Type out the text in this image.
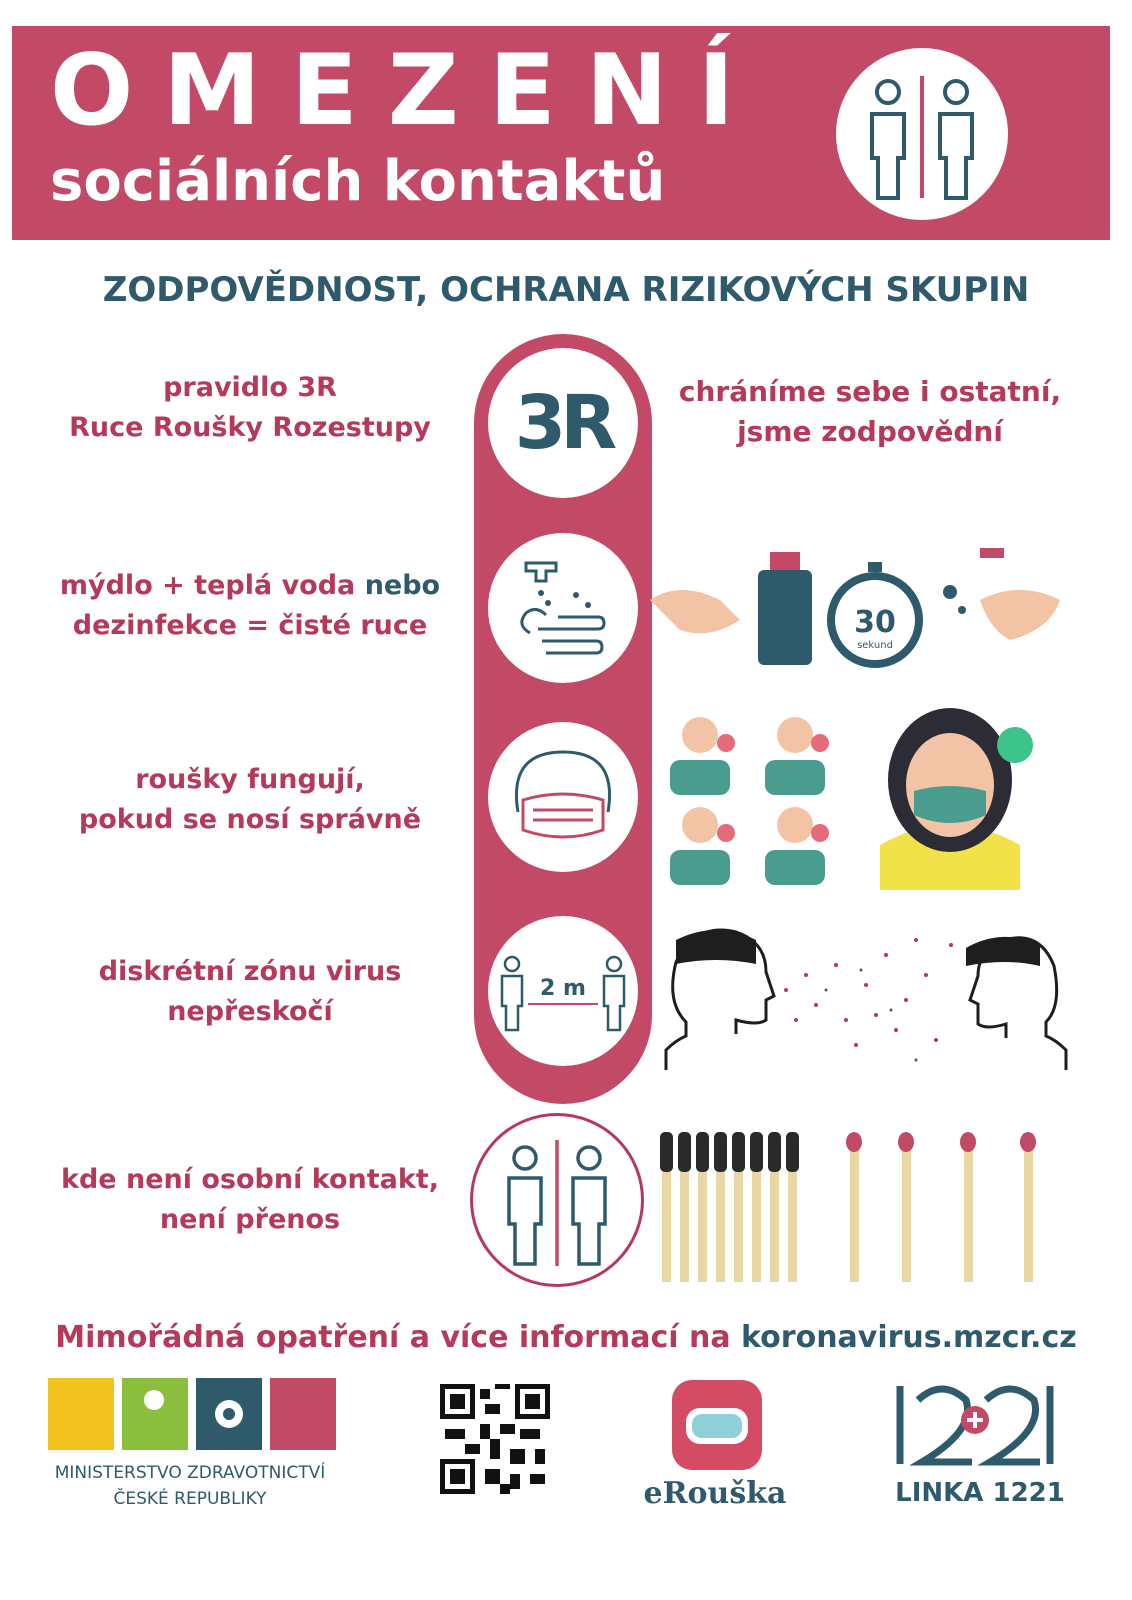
OMEZENÍ
sociálních kontaktů
ZODPOVĚDNOST, OCHRANA RIZIKOVÝCH SKUPIN
pravidlo 3R
Ruce Roušky Rozestupy	3R	chráníme sebe i ostatní,
jsme zodpovědní
mýdlo + teplá voda nebo
dezinfekce = čisté ruce	30
sekund
roušky fungují,
pokud se nosí správně
diskrétní zónu virus
nepřeskočí
2 m
kde není osobní kontakt,
není přenos
Mimořádná opatření a více informací na koronavirus.mzcr.cz
MINISTERSTVO ZDRAVOTNICTVÍ
ČESKÉ REPUBLIKY	eRouška	LINKA 1221
